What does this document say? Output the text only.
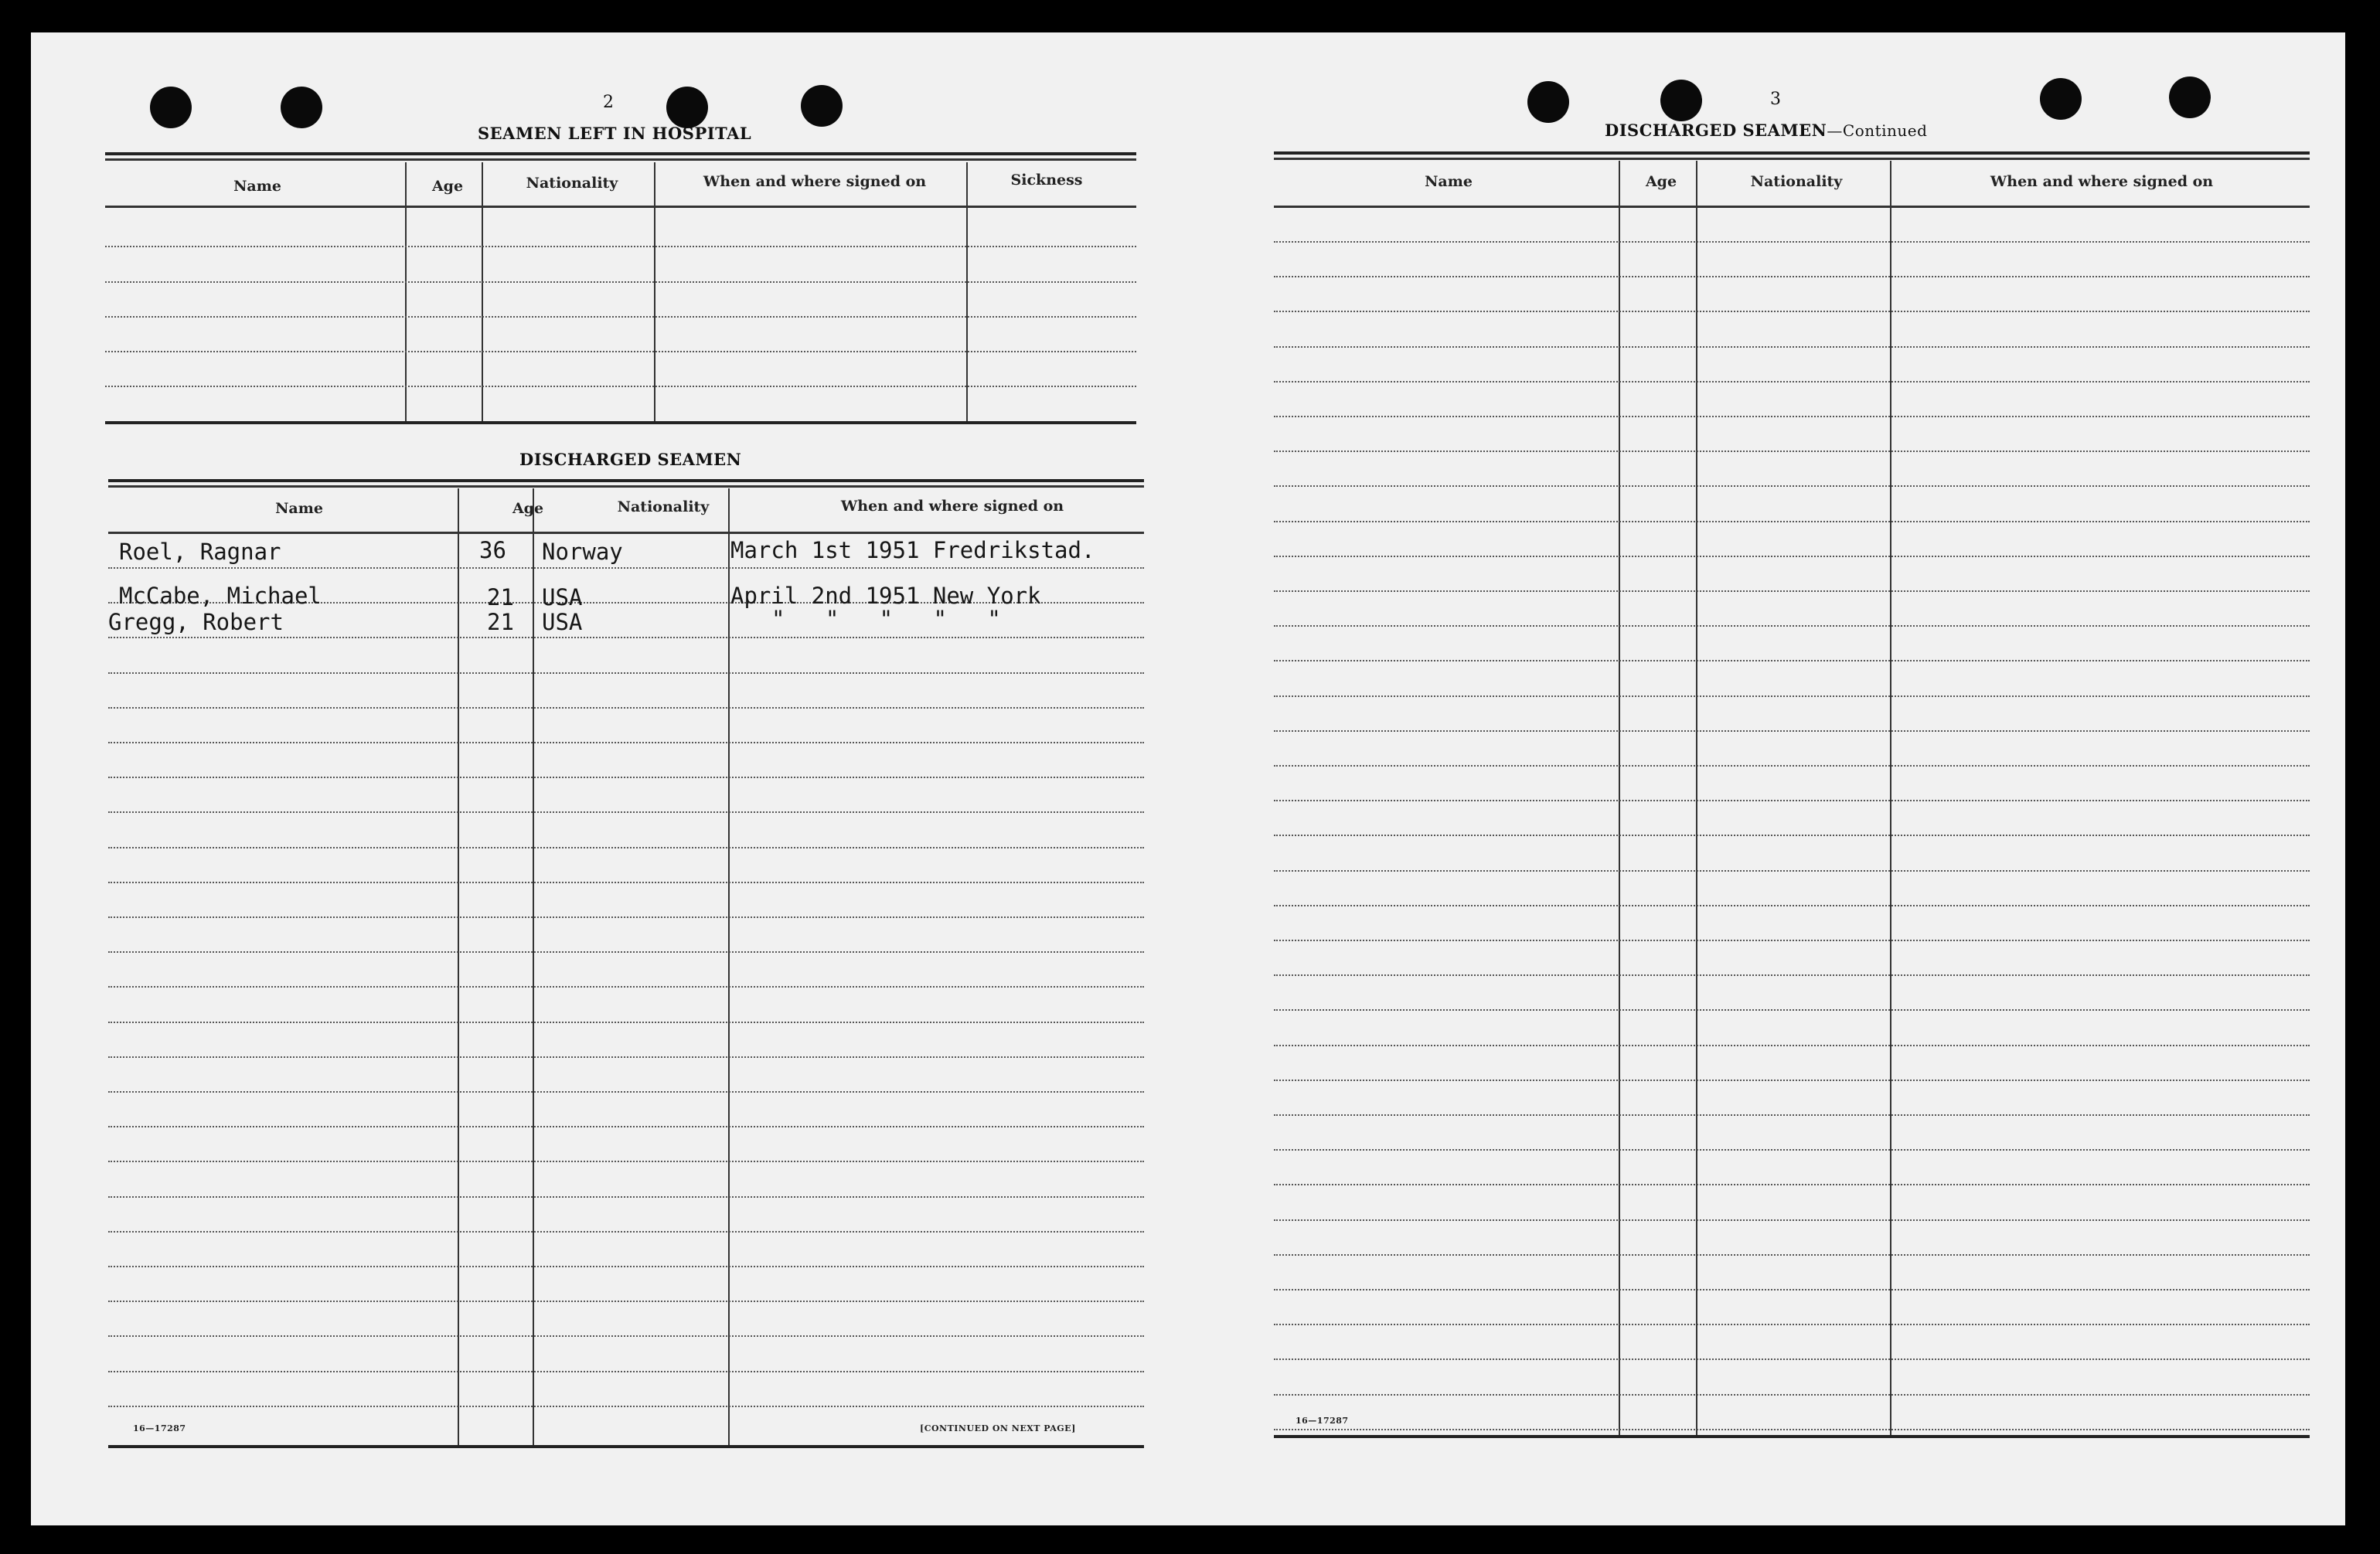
2
SEAMEN LEFT IN HOSPITAL
Name	Age	Nationality	When and where signed on	Sickness
DISCHARGED SEAMEN
Name	Age	Nationality	When and where signed on
Roel, Ragnar	36 Norway	March 1st 1951 Fredrikstad.
McCabe, Michael	21 USA	April 2nd 1951 New York
Gregg, Robert	21 USA	"   "   "   "   "
16—17287	[CONTINUED ON NEXT PAGE]
3
DISCHARGED SEAMEN—Continued
Name	Age	Nationality	When and where signed on
16—17287
